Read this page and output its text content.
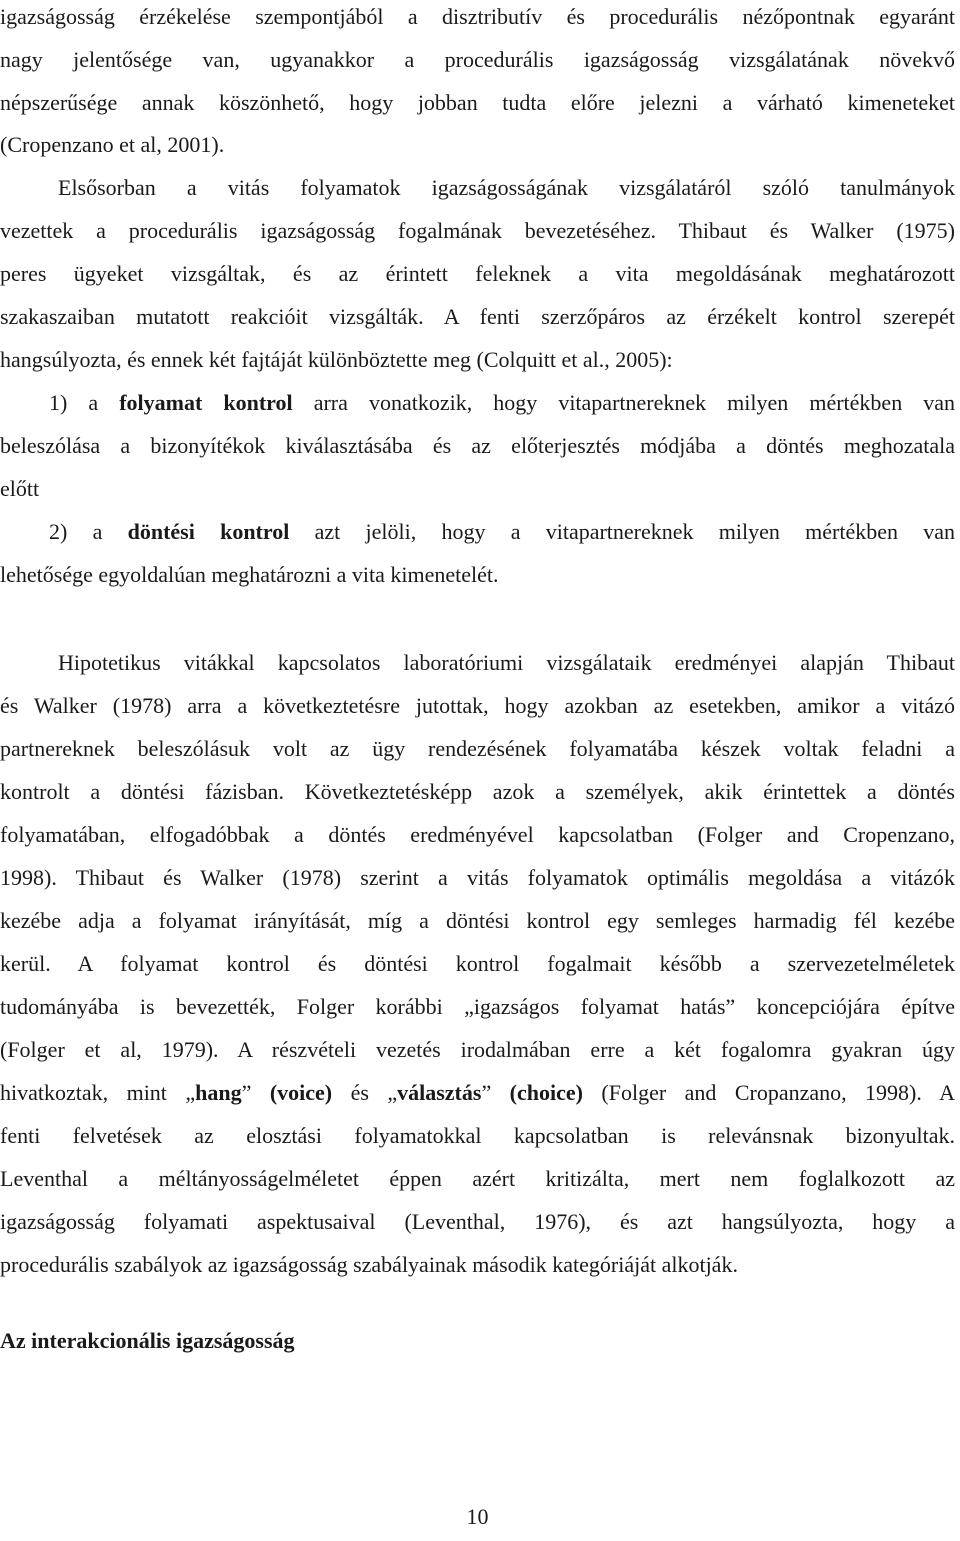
igazságosság érzékelése szempontjából a disztributív és procedurális nézőpontnak egyaránt
nagy jelentősége van, ugyanakkor a procedurális igazságosság vizsgálatának növekvő
népszerűsége annak köszönhető, hogy jobban tudta előre jelezni a várható kimeneteket
(Cropenzano et al, 2001).
Elsősorban a vitás folyamatok igazságosságának vizsgálatáról szóló tanulmányok
vezettek a procedurális igazságosság fogalmának bevezetéséhez. Thibaut és Walker (1975)
peres ügyeket vizsgáltak, és az érintett feleknek a vita megoldásának meghatározott
szakaszaiban mutatott reakcióit vizsgálták. A fenti szerzőpáros az érzékelt kontrol szerepét
hangsúlyozta, és ennek két fajtáját különböztette meg (Colquitt et al., 2005):
1) a folyamat kontrol arra vonatkozik, hogy vitapartnereknek milyen mértékben van
beleszólása a bizonyítékok kiválasztásába és az előterjesztés módjába a döntés meghozatala
előtt
2) a döntési kontrol azt jelöli, hogy a vitapartnereknek milyen mértékben van
lehetősége egyoldalúan meghatározni a vita kimenetelét.
Hipotetikus vitákkal kapcsolatos laboratóriumi vizsgálataik eredményei alapján Thibaut
és Walker (1978) arra a következtetésre jutottak, hogy azokban az esetekben, amikor a vitázó
partnereknek beleszólásuk volt az ügy rendezésének folyamatába készek voltak feladni a
kontrolt a döntési fázisban. Következtetésképp azok a személyek, akik érintettek a döntés
folyamatában, elfogadóbbak a döntés eredményével kapcsolatban (Folger and Cropenzano,
1998). Thibaut és Walker (1978) szerint a vitás folyamatok optimális megoldása a vitázók
kezébe adja a folyamat irányítását, míg a döntési kontrol egy semleges harmadig fél kezébe
kerül. A folyamat kontrol és döntési kontrol fogalmait később a szervezetelméletek
tudományába is bevezették, Folger korábbi „igazságos folyamat hatás” koncepciójára építve
(Folger et al, 1979). A részvételi vezetés irodalmában erre a két fogalomra gyakran úgy
hivatkoztak, mint „hang” (voice) és „választás” (choice) (Folger and Cropanzano, 1998). A
fenti felvetések az elosztási folyamatokkal kapcsolatban is relevánsnak bizonyultak.
Leventhal a méltányosságelméletet éppen azért kritizálta, mert nem foglalkozott az
igazságosság folyamati aspektusaival (Leventhal, 1976), és azt hangsúlyozta, hogy a
procedurális szabályok az igazságosság szabályainak második kategóriáját alkotják.
Az interakcionális igazságosság
10
